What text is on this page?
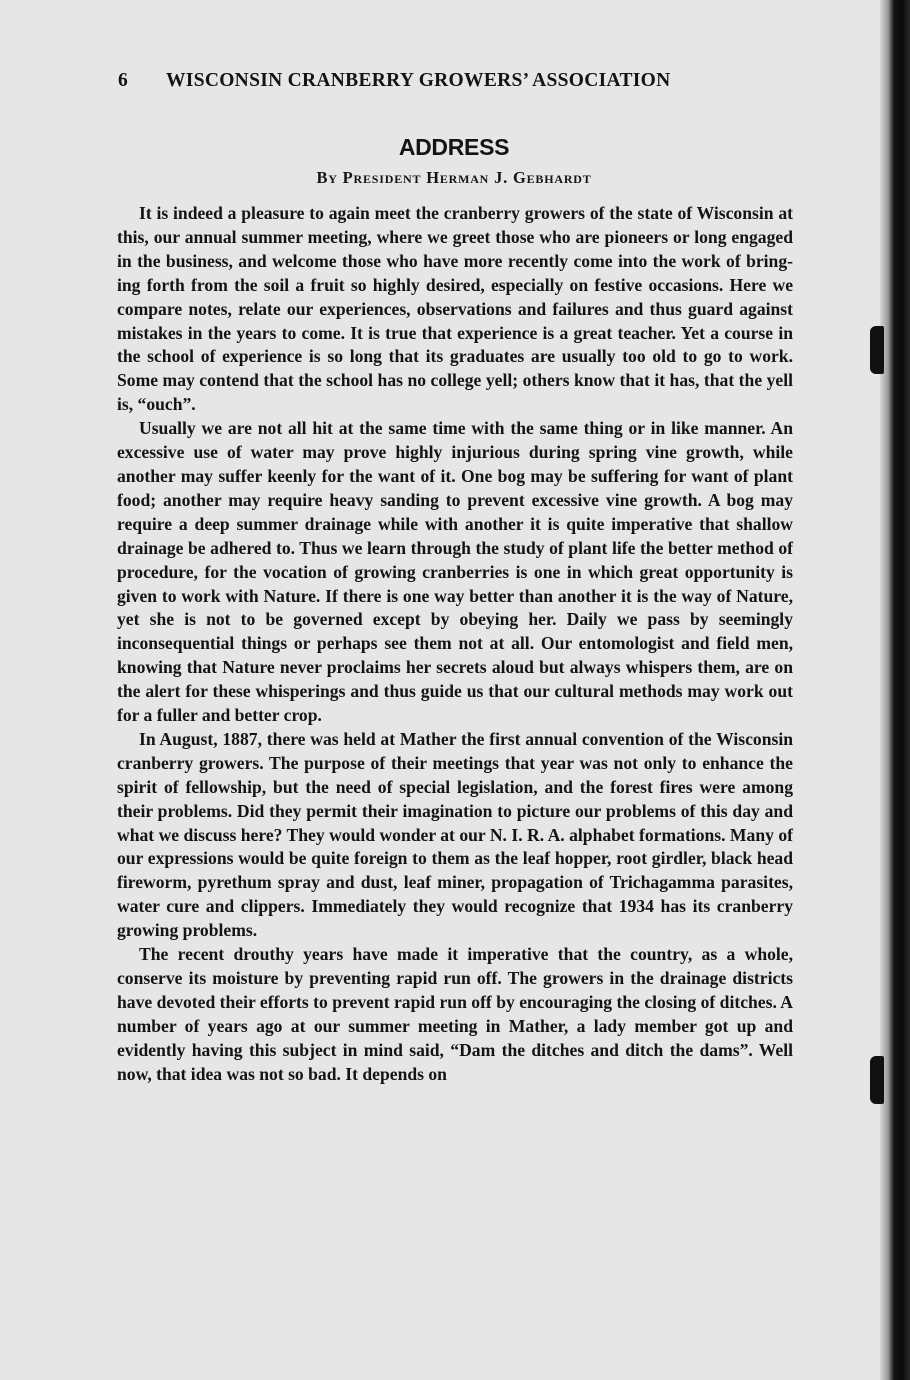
6 WISCONSIN CRANBERRY GROWERS’ ASSOCIATION
ADDRESS
By President Herman J. Gebhardt

It is indeed a pleasure to again meet the cranberry growers of the state of Wisconsin at this, our annual summer meeting, where we greet those who are pioneers or long engaged in the business, and welcome those who have more recently come into the work of bringing forth from the soil a fruit so highly desired, especially on festive occasions. Here we compare notes, relate our experiences, observations and failures and thus guard against mistakes in the years to come. It is true that experience is a great teacher. Yet a course in the school of experience is so long that its graduates are usually too old to go to work. Some may contend that the school has no college yell; others know that it has, that the yell is, “ouch”.

Usually we are not all hit at the same time with the same thing or in like manner. An excessive use of water may prove highly injurious during spring vine growth, while another may suffer keenly for the want of it. One bog may be suffering for want of plant food; another may require heavy sanding to prevent excessive vine growth. A bog may require a deep summer drainage while with another it is quite imperative that shallow drainage be adhered to. Thus we learn through the study of plant life the better method of procedure, for the vocation of growing cranberries is one in which great opportunity is given to work with Nature. If there is one way better than another it is the way of Nature, yet she is not to be governed except by obeying her. Daily we pass by seemingly inconsequential things or perhaps see them not at all. Our entomologist and field men, knowing that Nature never proclaims her secrets aloud but always whispers them, are on the alert for these whisperings and thus guide us that our cultural methods may work out for a fuller and better crop.

In August, 1887, there was held at Mather the first annual convention of the Wisconsin cranberry growers. The purpose of their meetings that year was not only to enhance the spirit of fellowship, but the need of special legislation, and the forest fires were among their problems. Did they permit their imagination to picture our problems of this day and what we discuss here? They would wonder at our N. I. R. A. alphabet formations. Many of our expressions would be quite foreign to them as the leaf hopper, root girdler, black head fireworm, pyrethum spray and dust, leaf miner, propagation of Trichagamma parasites, water cure and clippers. Immediately they would recognize that 1934 has its cranberry growing problems.

The recent drouthy years have made it imperative that the country, as a whole, conserve its moisture by preventing rapid run off. The growers in the drainage districts have devoted their efforts to prevent rapid run off by encouraging the closing of ditches. A number of years ago at our summer meeting in Mather, a lady member got up and evidently having this subject in mind said, “Dam the ditches and ditch the dams”. Well now, that idea was not so bad. It depends on
